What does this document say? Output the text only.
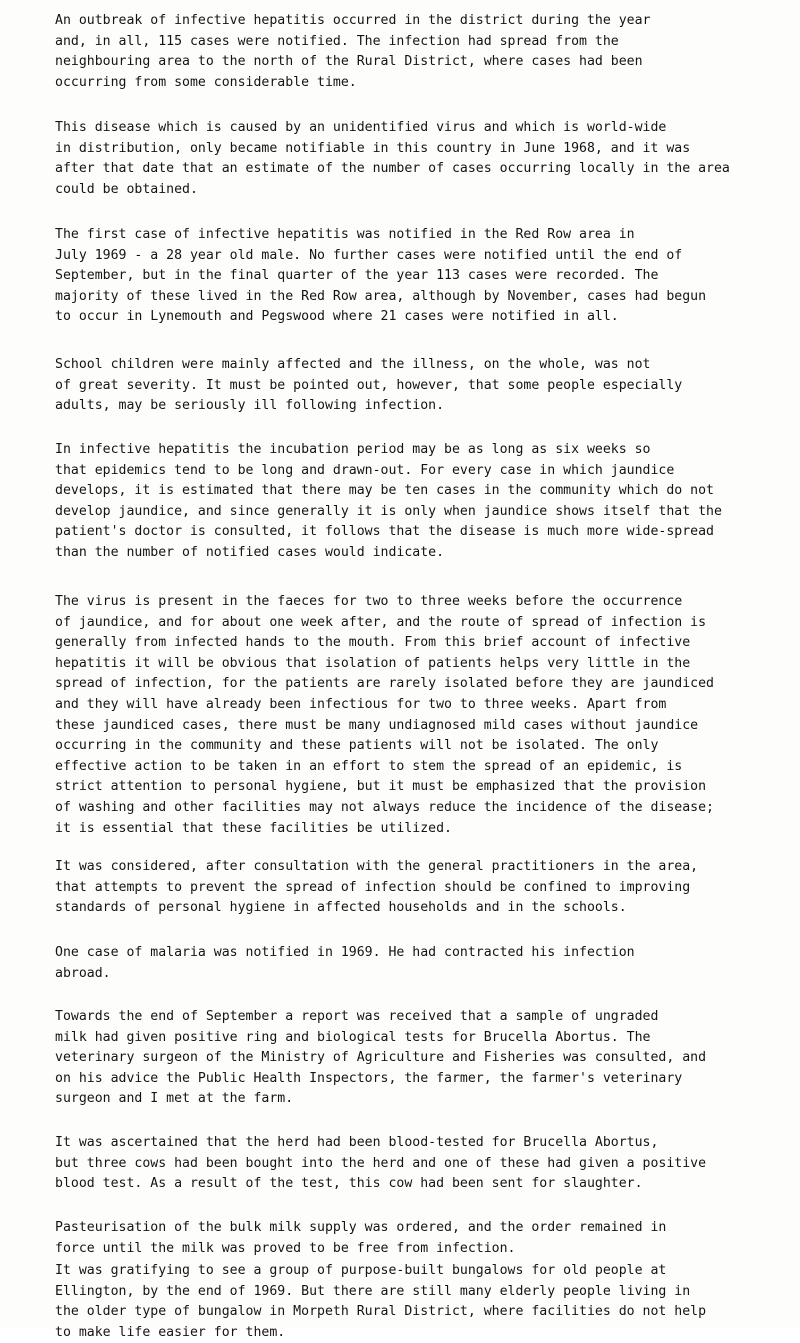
An outbreak of infective hepatitis occurred in the district during the year
and, in all, 115 cases were notified. The infection had spread from the
neighbouring area to the north of the Rural District, where cases had been
occurring from some considerable time.

This disease which is caused by an unidentified virus and which is world-wide
in distribution, only became notifiable in this country in June 1968, and it was
after that date that an estimate of the number of cases occurring locally in the area
could be obtained.

The first case of infective hepatitis was notified in the Red Row area in
July 1969 - a 28 year old male. No further cases were notified until the end of
September, but in the final quarter of the year 113 cases were recorded. The
majority of these lived in the Red Row area, although by November, cases had begun
to occur in Lynemouth and Pegswood where 21 cases were notified in all.

School children were mainly affected and the illness, on the whole, was not
of great severity. It must be pointed out, however, that some people especially
adults, may be seriously ill following infection.

In infective hepatitis the incubation period may be as long as six weeks so
that epidemics tend to be long and drawn-out. For every case in which jaundice
develops, it is estimated that there may be ten cases in the community which do not
develop jaundice, and since generally it is only when jaundice shows itself that the
patient's doctor is consulted, it follows that the disease is much more wide-spread
than the number of notified cases would indicate.

The virus is present in the faeces for two to three weeks before the occurrence
of jaundice, and for about one week after, and the route of spread of infection is
generally from infected hands to the mouth. From this brief account of infective
hepatitis it will be obvious that isolation of patients helps very little in the
spread of infection, for the patients are rarely isolated before they are jaundiced
and they will have already been infectious for two to three weeks. Apart from
these jaundiced cases, there must be many undiagnosed mild cases without jaundice
occurring in the community and these patients will not be isolated. The only
effective action to be taken in an effort to stem the spread of an epidemic, is
strict attention to personal hygiene, but it must be emphasized that the provision
of washing and other facilities may not always reduce the incidence of the disease;
it is essential that these facilities be utilized.

It was considered, after consultation with the general practitioners in the area,
that attempts to prevent the spread of infection should be confined to improving
standards of personal hygiene in affected households and in the schools.

One case of malaria was notified in 1969. He had contracted his infection
abroad.

Towards the end of September a report was received that a sample of ungraded
milk had given positive ring and biological tests for Brucella Abortus. The
veterinary surgeon of the Ministry of Agriculture and Fisheries was consulted, and
on his advice the Public Health Inspectors, the farmer, the farmer's veterinary
surgeon and I met at the farm.

It was ascertained that the herd had been blood-tested for Brucella Abortus,
but three cows had been bought into the herd and one of these had given a positive
blood test. As a result of the test, this cow had been sent for slaughter.

Pasteurisation of the bulk milk supply was ordered, and the order remained in
force until the milk was proved to be free from infection.

It was gratifying to see a group of purpose-built bungalows for old people at
Ellington, by the end of 1969. But there are still many elderly people living in
the older type of bungalow in Morpeth Rural District, where facilities do not help
to make life easier for them.
